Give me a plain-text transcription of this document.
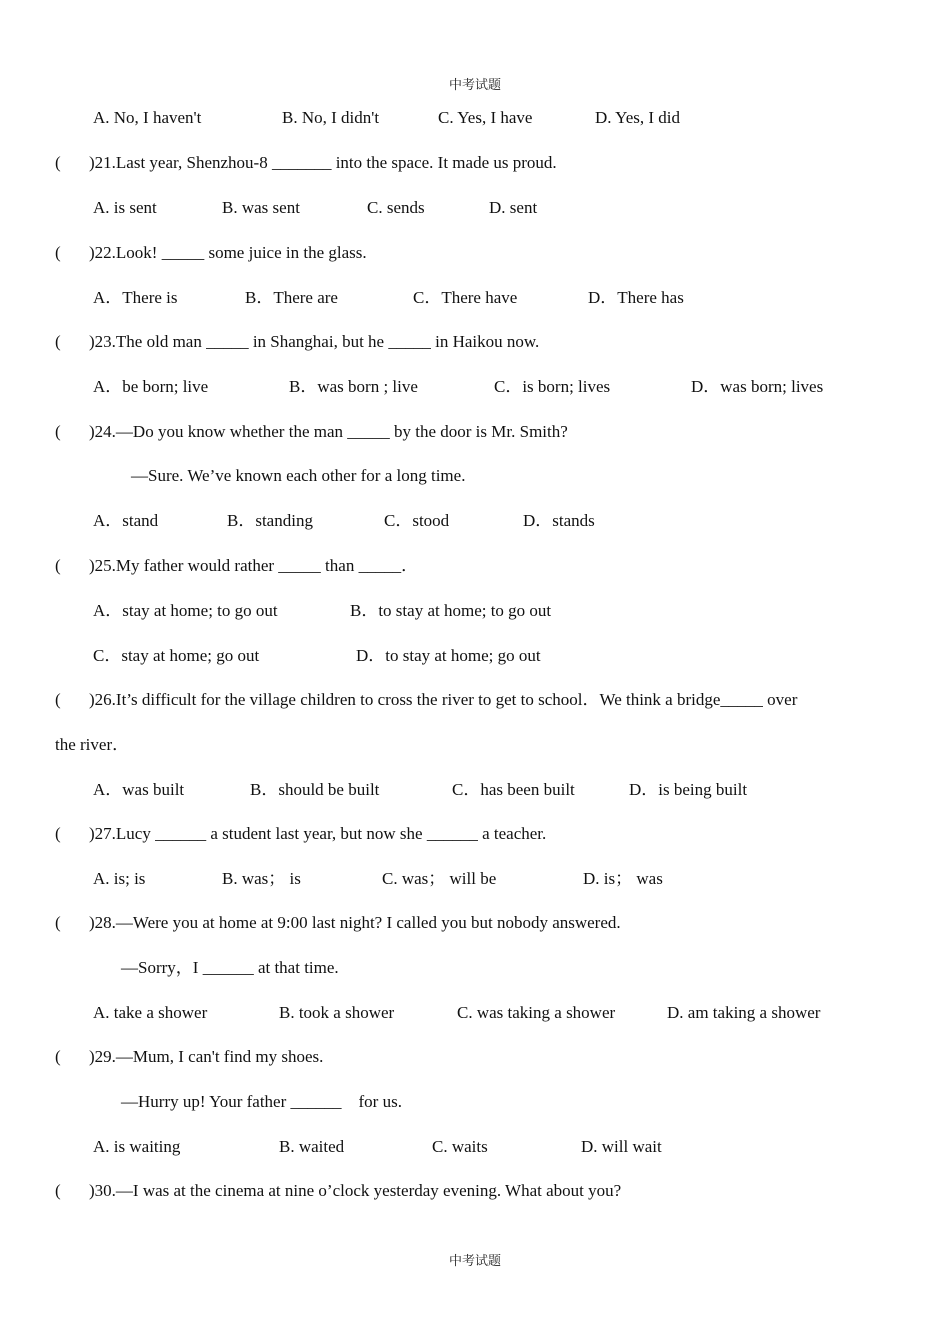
中考试题
A. No, I haven't	B. No, I didn't	C. Yes, I have	D. Yes, I did
( )21.Last year, Shenzhou-8 _______ into the space. It made us proud.
A. is sent	B. was sent	C. sends	D. sent
( )22.Look! _____ some juice in the glass.
A．There is	B．There are	C．There have	D．There has
( )23.The old man _____ in Shanghai, but he _____ in Haikou now.
A．be born; live	B．was born ; live	C．is born; lives	D．was born; lives
( )24.—Do you know whether the man _____ by the door is Mr. Smith?
—Sure. We’ve known each other for a long time.
A．stand	B．standing	C．stood	D．stands
( )25.My father would rather _____ than _____．
A．stay at home; to go out	B．to stay at home; to go out
C．stay at home; go out	D．to stay at home; go out
( )26.It’s difficult for the village children to cross the river to get to school．We think a bridge_____ over
the river．
A．was built	B．should be built	C．has been built	D．is being built
( )27.Lucy ______ a student last year, but now she ______ a teacher.
A. is; is	B. was； is	C. was； will be	D. is； was
( )28.—Were you at home at 9:00 last night? I called you but nobody answered.
—Sorry，I ______ at that time.
A. take a shower	B. took a shower	C. was taking a shower	D. am taking a shower
( )29.—Mum, I can't find my shoes.
—Hurry up! Your father ______　for us.
A. is waiting	B. waited	C. waits	D. will wait
( )30.—I was at the cinema at nine o’clock yesterday evening. What about you?
中考试题
